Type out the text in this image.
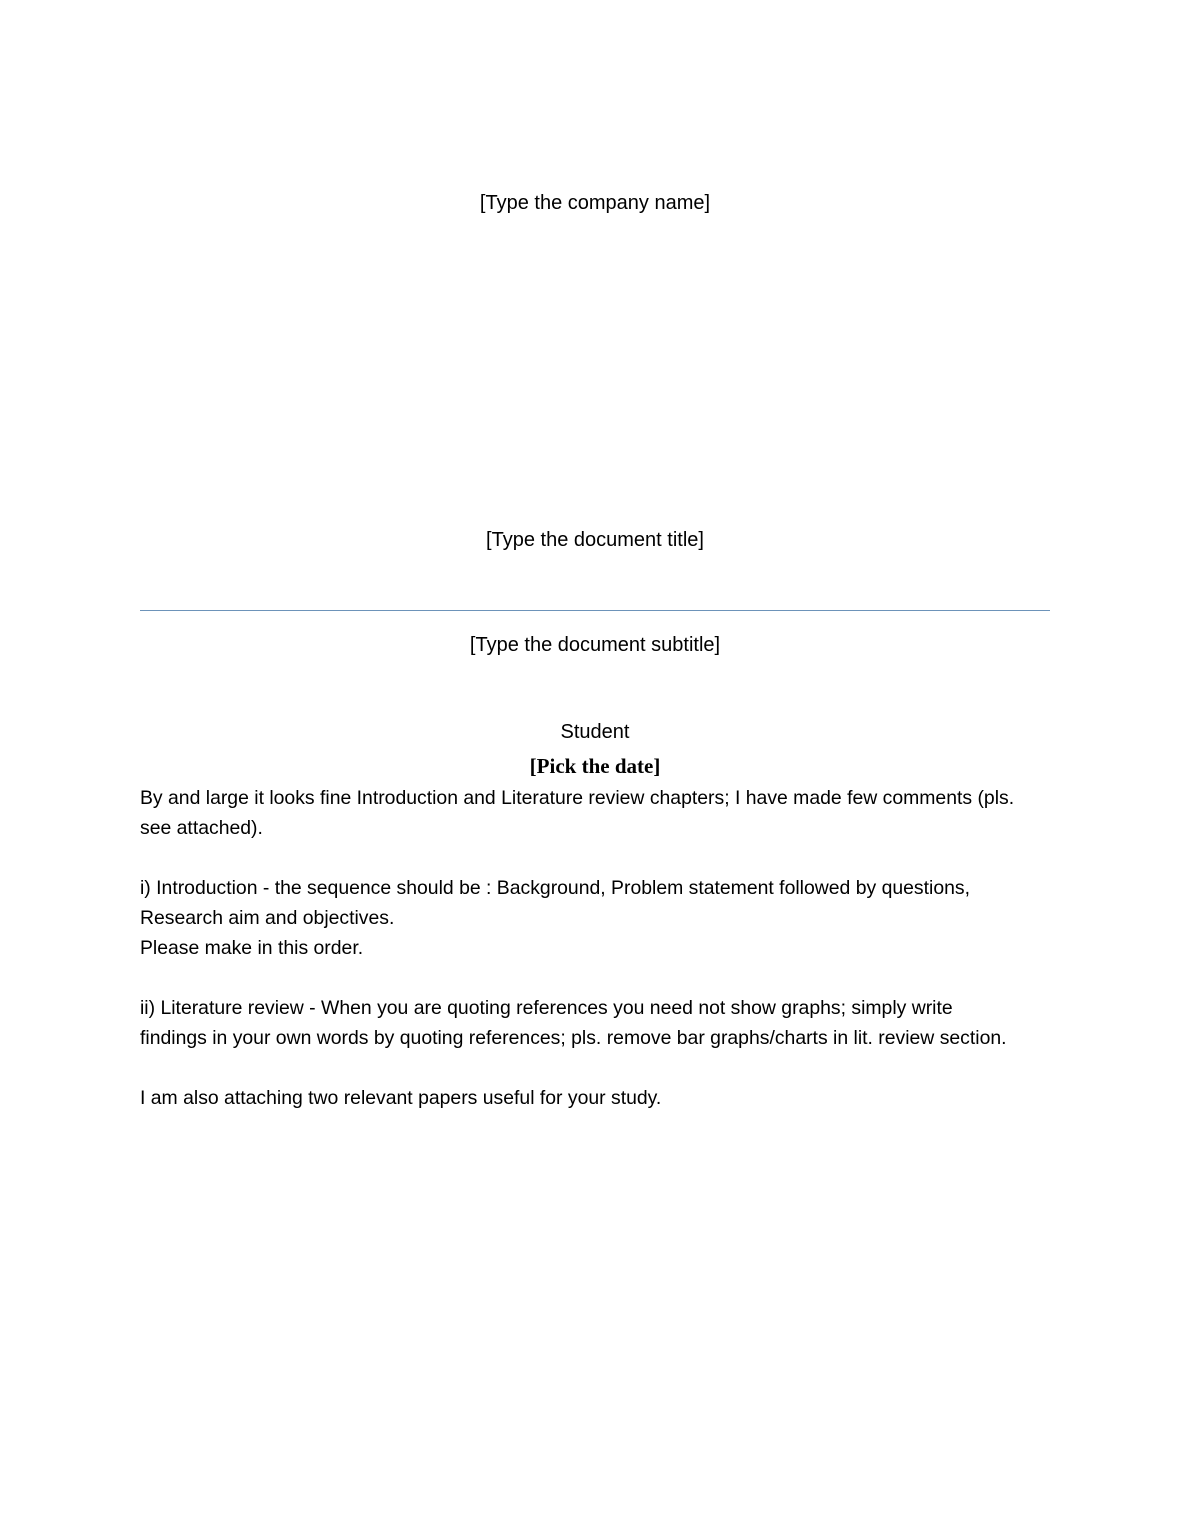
[Type the company name]
[Type the document title]
[Type the document subtitle]
Student
[Pick the date]

By and large it looks fine Introduction and Literature review chapters; I have made few comments (pls.

see attached).

i) Introduction - the sequence should be : Background, Problem statement followed by questions,

Research aim and objectives.

Please make in this order.

ii) Literature review - When you are quoting references you need not show graphs; simply write

findings in your own words by quoting references; pls. remove bar graphs/charts in lit. review section.

I am also attaching two relevant papers useful for your study.
